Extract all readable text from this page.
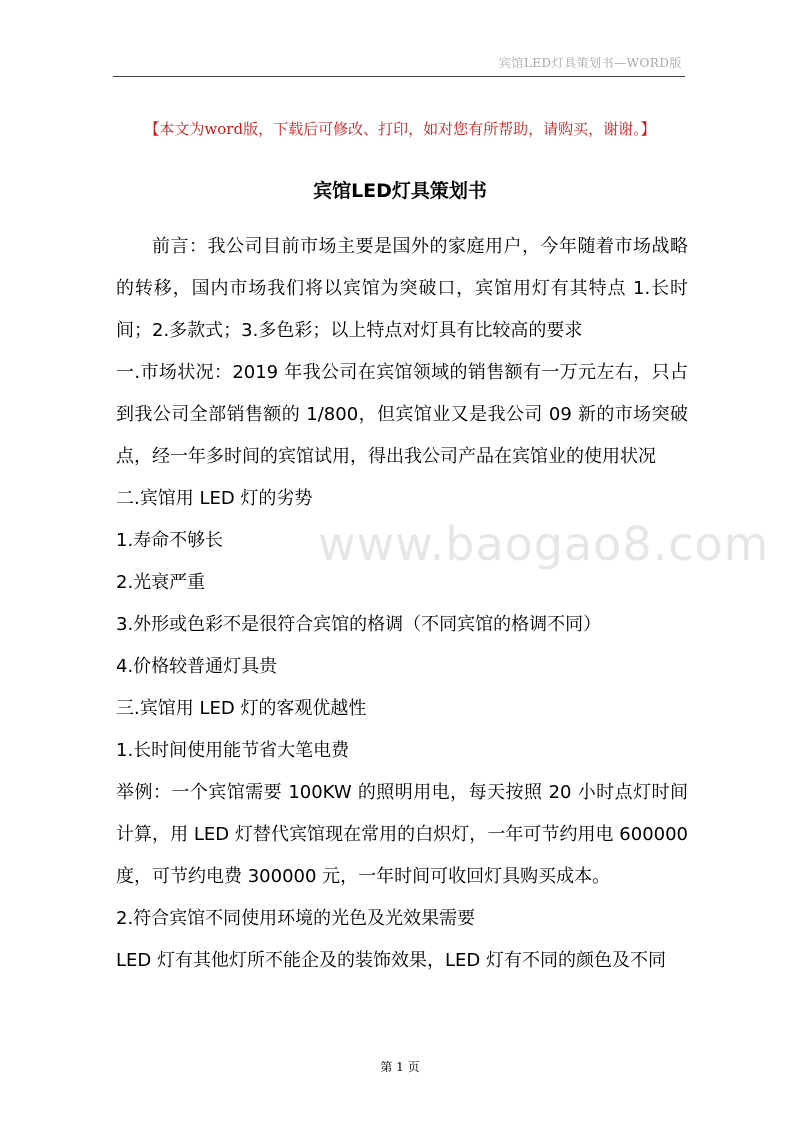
宾馆LED灯具策划书—WORD版
【本文为word版，下载后可修改、打印，如对您有所帮助，请购买，谢谢。】
宾馆LED灯具策划书

前言：我公司目前市场主要是国外的家庭用户，今年随着市场战略的转移，国内市场我们将以宾馆为突破口，宾馆用灯有其特点 1.长时间；2.多款式；3.多色彩；以上特点对灯具有比较高的要求

一.市场状况：2019 年我公司在宾馆领域的销售额有一万元左右，只占到我公司全部销售额的 1/800，但宾馆业又是我公司 09 新的市场突破点，经一年多时间的宾馆试用，得出我公司产品在宾馆业的使用状况

二.宾馆用 LED 灯的劣势

1.寿命不够长

2.光衰严重

3.外形或色彩不是很符合宾馆的格调（不同宾馆的格调不同）

4.价格较普通灯具贵

三.宾馆用 LED 灯的客观优越性

1.长时间使用能节省大笔电费

举例：一个宾馆需要 100KW 的照明用电，每天按照 20 小时点灯时间计算，用 LED 灯替代宾馆现在常用的白炽灯，一年可节约用电 600000 度，可节约电费 300000 元，一年时间可收回灯具购买成本。

2.符合宾馆不同使用环境的光色及光效果需要

LED 灯有其他灯所不能企及的装饰效果，LED 灯有不同的颜色及不同

www.baogao8.com
第 1 页
